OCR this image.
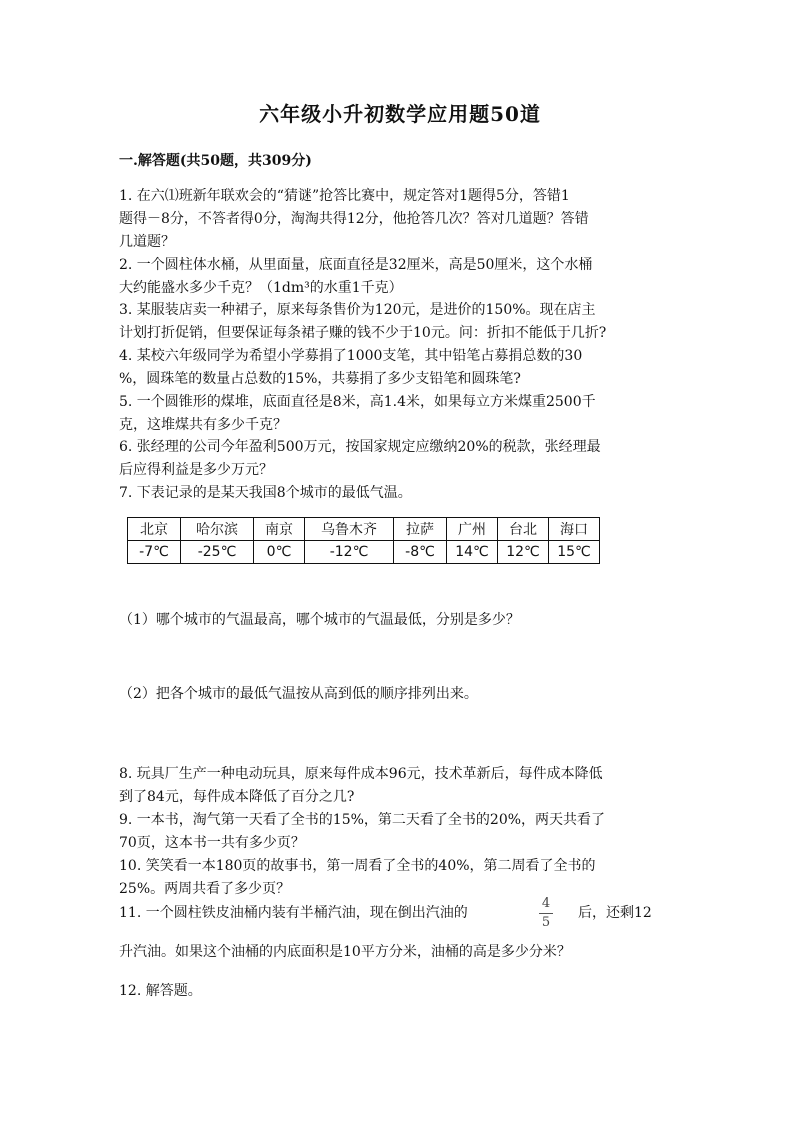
六年级小升初数学应用题50道
一.解答题(共50题，共309分)
1. 在六⑴班新年联欢会的“猜谜”抢答比赛中，规定答对1题得5分，答错1
题得－8分，不答者得0分，淘淘共得12分，他抢答几次？答对几道题？答错
几道题？
2. 一个圆柱体水桶，从里面量，底面直径是32厘米，高是50厘米，这个水桶
大约能盛水多少千克？（1dm³的水重1千克）
3. 某服装店卖一种裙子，原来每条售价为120元，是进价的150%。现在店主
计划打折促销，但要保证每条裙子赚的钱不少于10元。问：折扣不能低于几折?
4. 某校六年级同学为希望小学募捐了1000支笔，其中铅笔占募捐总数的30
%，圆珠笔的数量占总数的15%，共募捐了多少支铅笔和圆珠笔?
5. 一个圆锥形的煤堆，底面直径是8米，高1.4米，如果每立方米煤重2500千
克，这堆煤共有多少千克？
6. 张经理的公司今年盈利500万元，按国家规定应缴纳20%的税款，张经理最
后应得利益是多少万元？
7. 下表记录的是某天我国8个城市的最低气温。
北京	哈尔滨	南京	乌鲁木齐	拉萨	广州	台北	海口
-7℃	-25℃	0℃	-12℃	-8℃	14℃	12℃	15℃
（1）哪个城市的气温最高，哪个城市的气温最低，分别是多少？
（2）把各个城市的最低气温按从高到低的顺序排列出来。
8. 玩具厂生产一种电动玩具，原来每件成本96元，技术革新后，每件成本降低
到了84元，每件成本降低了百分之几?
9. 一本书，淘气第一天看了全书的15%，第二天看了全书的20%，两天共看了
70页，这本书一共有多少页？
10. 笑笑看一本180页的故事书，第一周看了全书的40%，第二周看了全书的
25%。两周共看了多少页？
11. 一个圆柱铁皮油桶内装有半桶汽油，现在倒出汽油的
4
5
后，还剩12
升汽油。如果这个油桶的内底面积是10平方分米，油桶的高是多少分米？
12. 解答题。
